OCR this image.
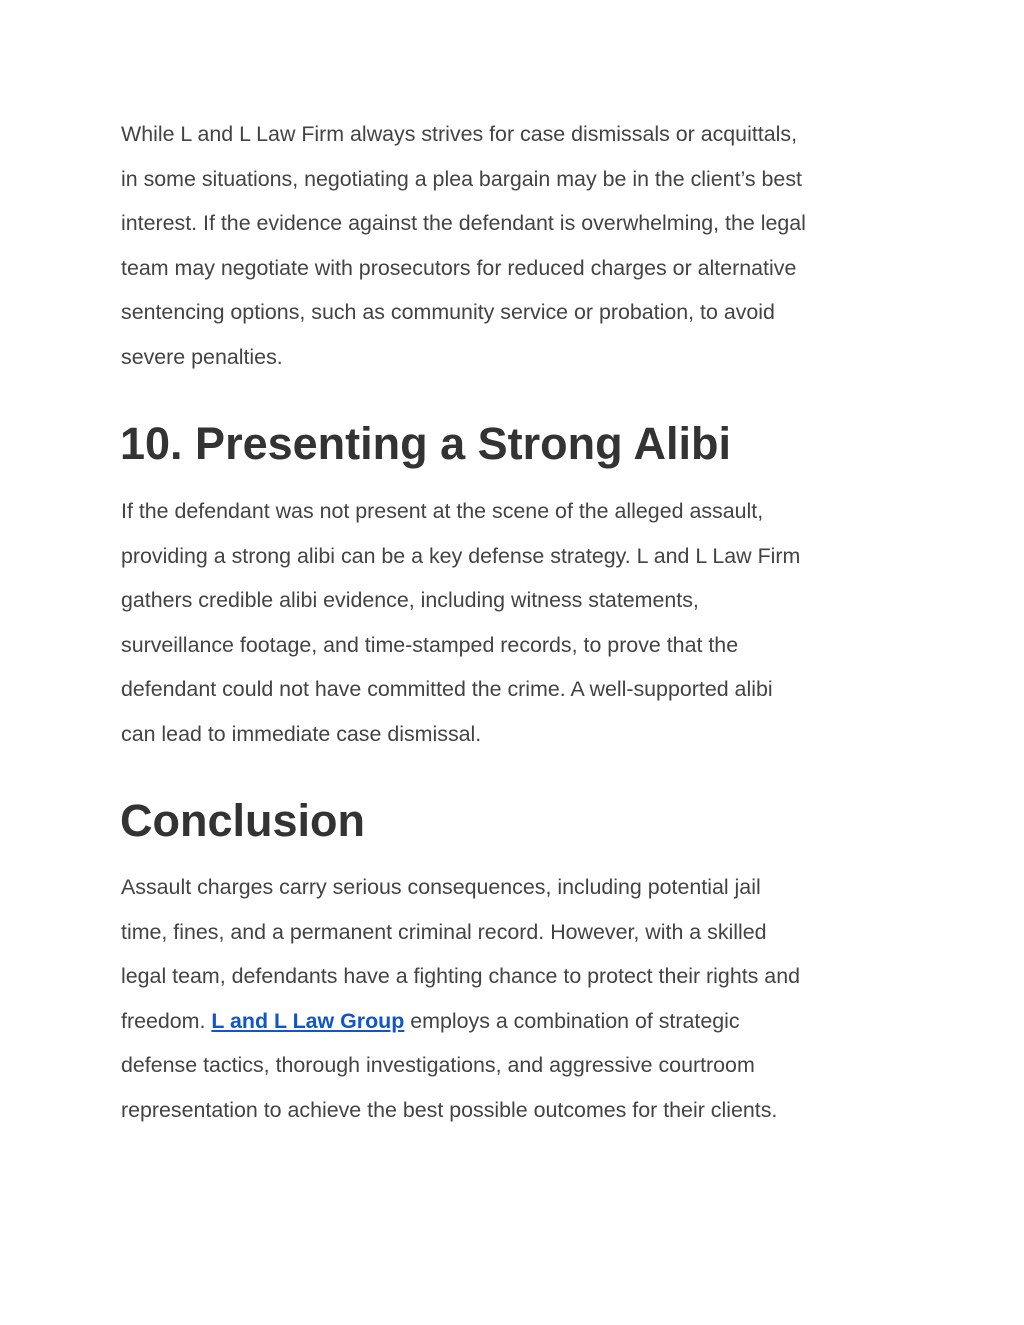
While L and L Law Firm always strives for case dismissals or acquittals,
in some situations, negotiating a plea bargain may be in the client’s best
interest. If the evidence against the defendant is overwhelming, the legal
team may negotiate with prosecutors for reduced charges or alternative
sentencing options, such as community service or probation, to avoid
severe penalties.

10. Presenting a Strong Alibi

If the defendant was not present at the scene of the alleged assault,
providing a strong alibi can be a key defense strategy. L and L Law Firm
gathers credible alibi evidence, including witness statements,
surveillance footage, and time-stamped records, to prove that the
defendant could not have committed the crime. A well-supported alibi
can lead to immediate case dismissal.

Conclusion

Assault charges carry serious consequences, including potential jail
time, fines, and a permanent criminal record. However, with a skilled
legal team, defendants have a fighting chance to protect their rights and
freedom. L and L Law Group employs a combination of strategic
defense tactics, thorough investigations, and aggressive courtroom
representation to achieve the best possible outcomes for their clients.
